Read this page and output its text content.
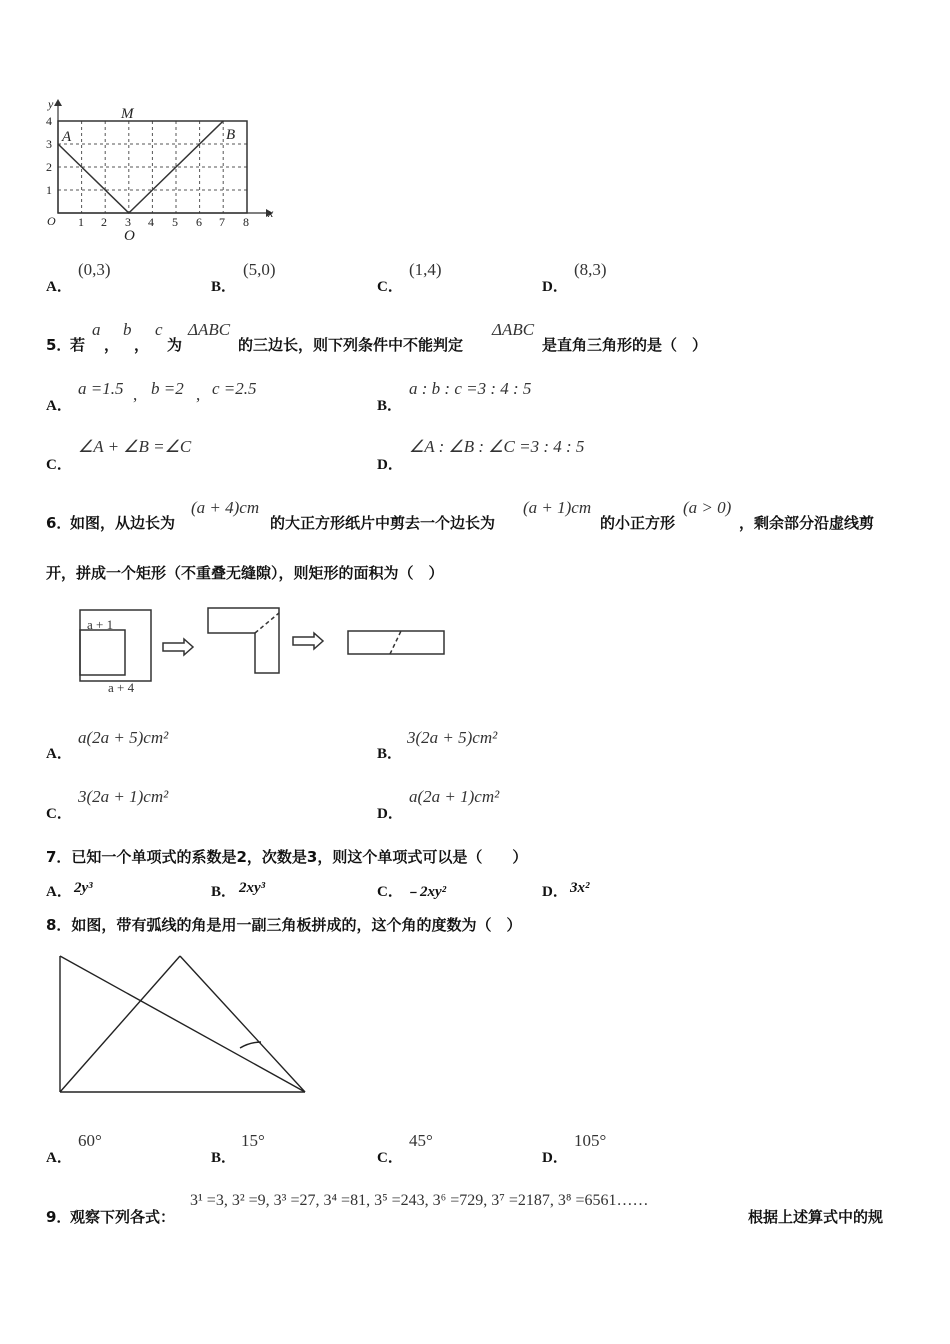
y
x
O 1 2 3 4 5 6 7 8
1
2
3
4
A	B
M
O
A．
(0,3)
B．
(5,0)
C．
(1,4)
D．
(8,3)
5．
若
a
，
b
，
c
为
ΔABC
的三边长，则下列条件中不能判定
ΔABC
是直角三角形的是（　）
A．
a =1.5 , b =2 , c =2.5
B．
a : b : c =3 : 4 : 5
C．
∠A + ∠B =∠C
D．
∠A : ∠B : ∠C =3 : 4 : 5
6．
如图，从边长为
(a + 4)cm
的大正方形纸片中剪去一个边长为
(a + 1)cm
的小正方形
(a > 0)
，剩余部分沿虚线剪
开，拼成一个矩形（不重叠无缝隙），则矩形的面积为（　）
a + 1
a + 4
A．
a(2a + 5)cm²
B．
3(2a + 5)cm²
C．
3(2a + 1)cm²
D．
a(2a + 1)cm²
7．已知一个单项式的系数是2，次数是3，则这个单项式可以是（　　）
A． 2y³	B． 2xy³	C． ﹣2xy²	D． 3x²
8．如图，带有弧线的角是用一副三角板拼成的，这个角的度数为（　）
A．
60°
B．
15°
C．
45°
D．
105°
9．
观察下列各式：
3¹ =3, 3² =9, 3³ =27, 3⁴ =81, 3⁵ =243, 3⁶ =729, 3⁷ =2187, 3⁸ =6561……
根据上述算式中的规
